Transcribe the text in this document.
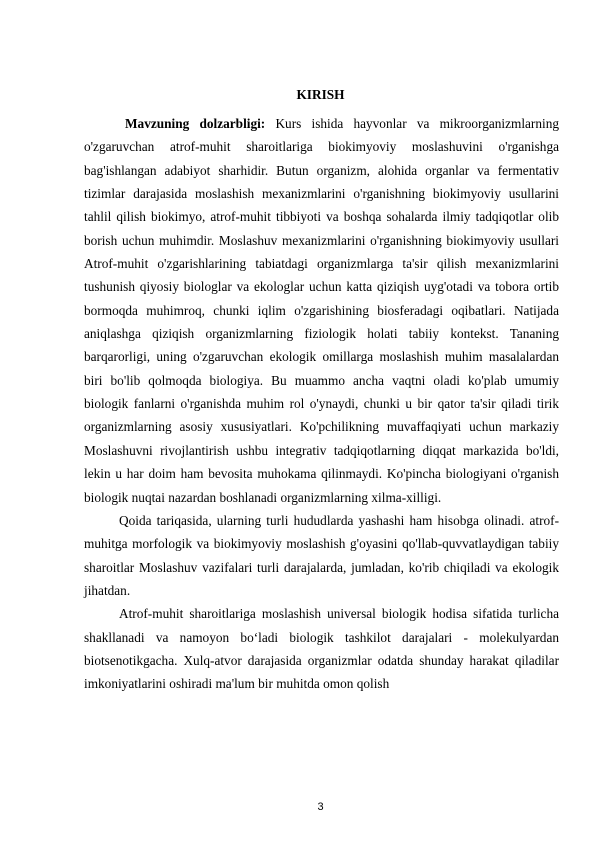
KIRISH

Mavzuning dolzarbligi: Kurs ishida hayvonlar va mikroorganizmlarning o'zgaruvchan atrof-muhit sharoitlariga biokimyoviy moslashuvini o'rganishga bag'ishlangan adabiyot sharhidir. Butun organizm, alohida organlar va fermentativ tizimlar darajasida moslashish mexanizmlarini o'rganishning biokimyoviy usullarini tahlil qilish biokimyo, atrof-muhit tibbiyoti va boshqa sohalarda ilmiy tadqiqotlar olib borish uchun muhimdir. Moslashuv mexanizmlarini o'rganishning biokimyoviy usullari Atrof-muhit o'zgarishlarining tabiatdagi organizmlarga ta'sir qilish mexanizmlarini tushunish qiyosiy biologlar va ekologlar uchun katta qiziqish uyg'otadi va tobora ortib bormoqda muhimroq, chunki iqlim o'zgarishining biosferadagi oqibatlari. Natijada aniqlashga qiziqish organizmlarning fiziologik holati tabiiy kontekst. Tananing barqarorligi, uning o'zgaruvchan ekologik omillarga moslashish muhim masalalardan biri bo'lib qolmoqda biologiya. Bu muammo ancha vaqtni oladi ko'plab umumiy biologik fanlarni o'rganishda muhim rol o'ynaydi, chunki u bir qator ta'sir qiladi tirik organizmlarning asosiy xususiyatlari. Ko'pchilikning muvaffaqiyati uchun markaziy Moslashuvni rivojlantirish ushbu integrativ tadqiqotlarning diqqat markazida bo'ldi, lekin u har doim ham bevosita muhokama qilinmaydi. Ko'pincha biologiyani o'rganish biologik nuqtai nazardan boshlanadi organizmlarning xilma-xilligi.

Qoida tariqasida, ularning turli hududlarda yashashi ham hisobga olinadi. atrof-muhitga morfologik va biokimyoviy moslashish g'oyasini qo'llab-quvvatlaydigan tabiiy sharoitlar Moslashuv vazifalari turli darajalarda, jumladan, ko'rib chiqiladi va ekologik jihatdan.

Atrof-muhit sharoitlariga moslashish universal biologik hodisa sifatida turlicha shakllanadi va namoyon bo‘ladi biologik tashkilot darajalari - molekulyardan biotsenotikgacha. Xulq-atvor darajasida organizmlar odatda shunday harakat qiladilar imkoniyatlarini oshiradi ma'lum bir muhitda omon qolish

3
